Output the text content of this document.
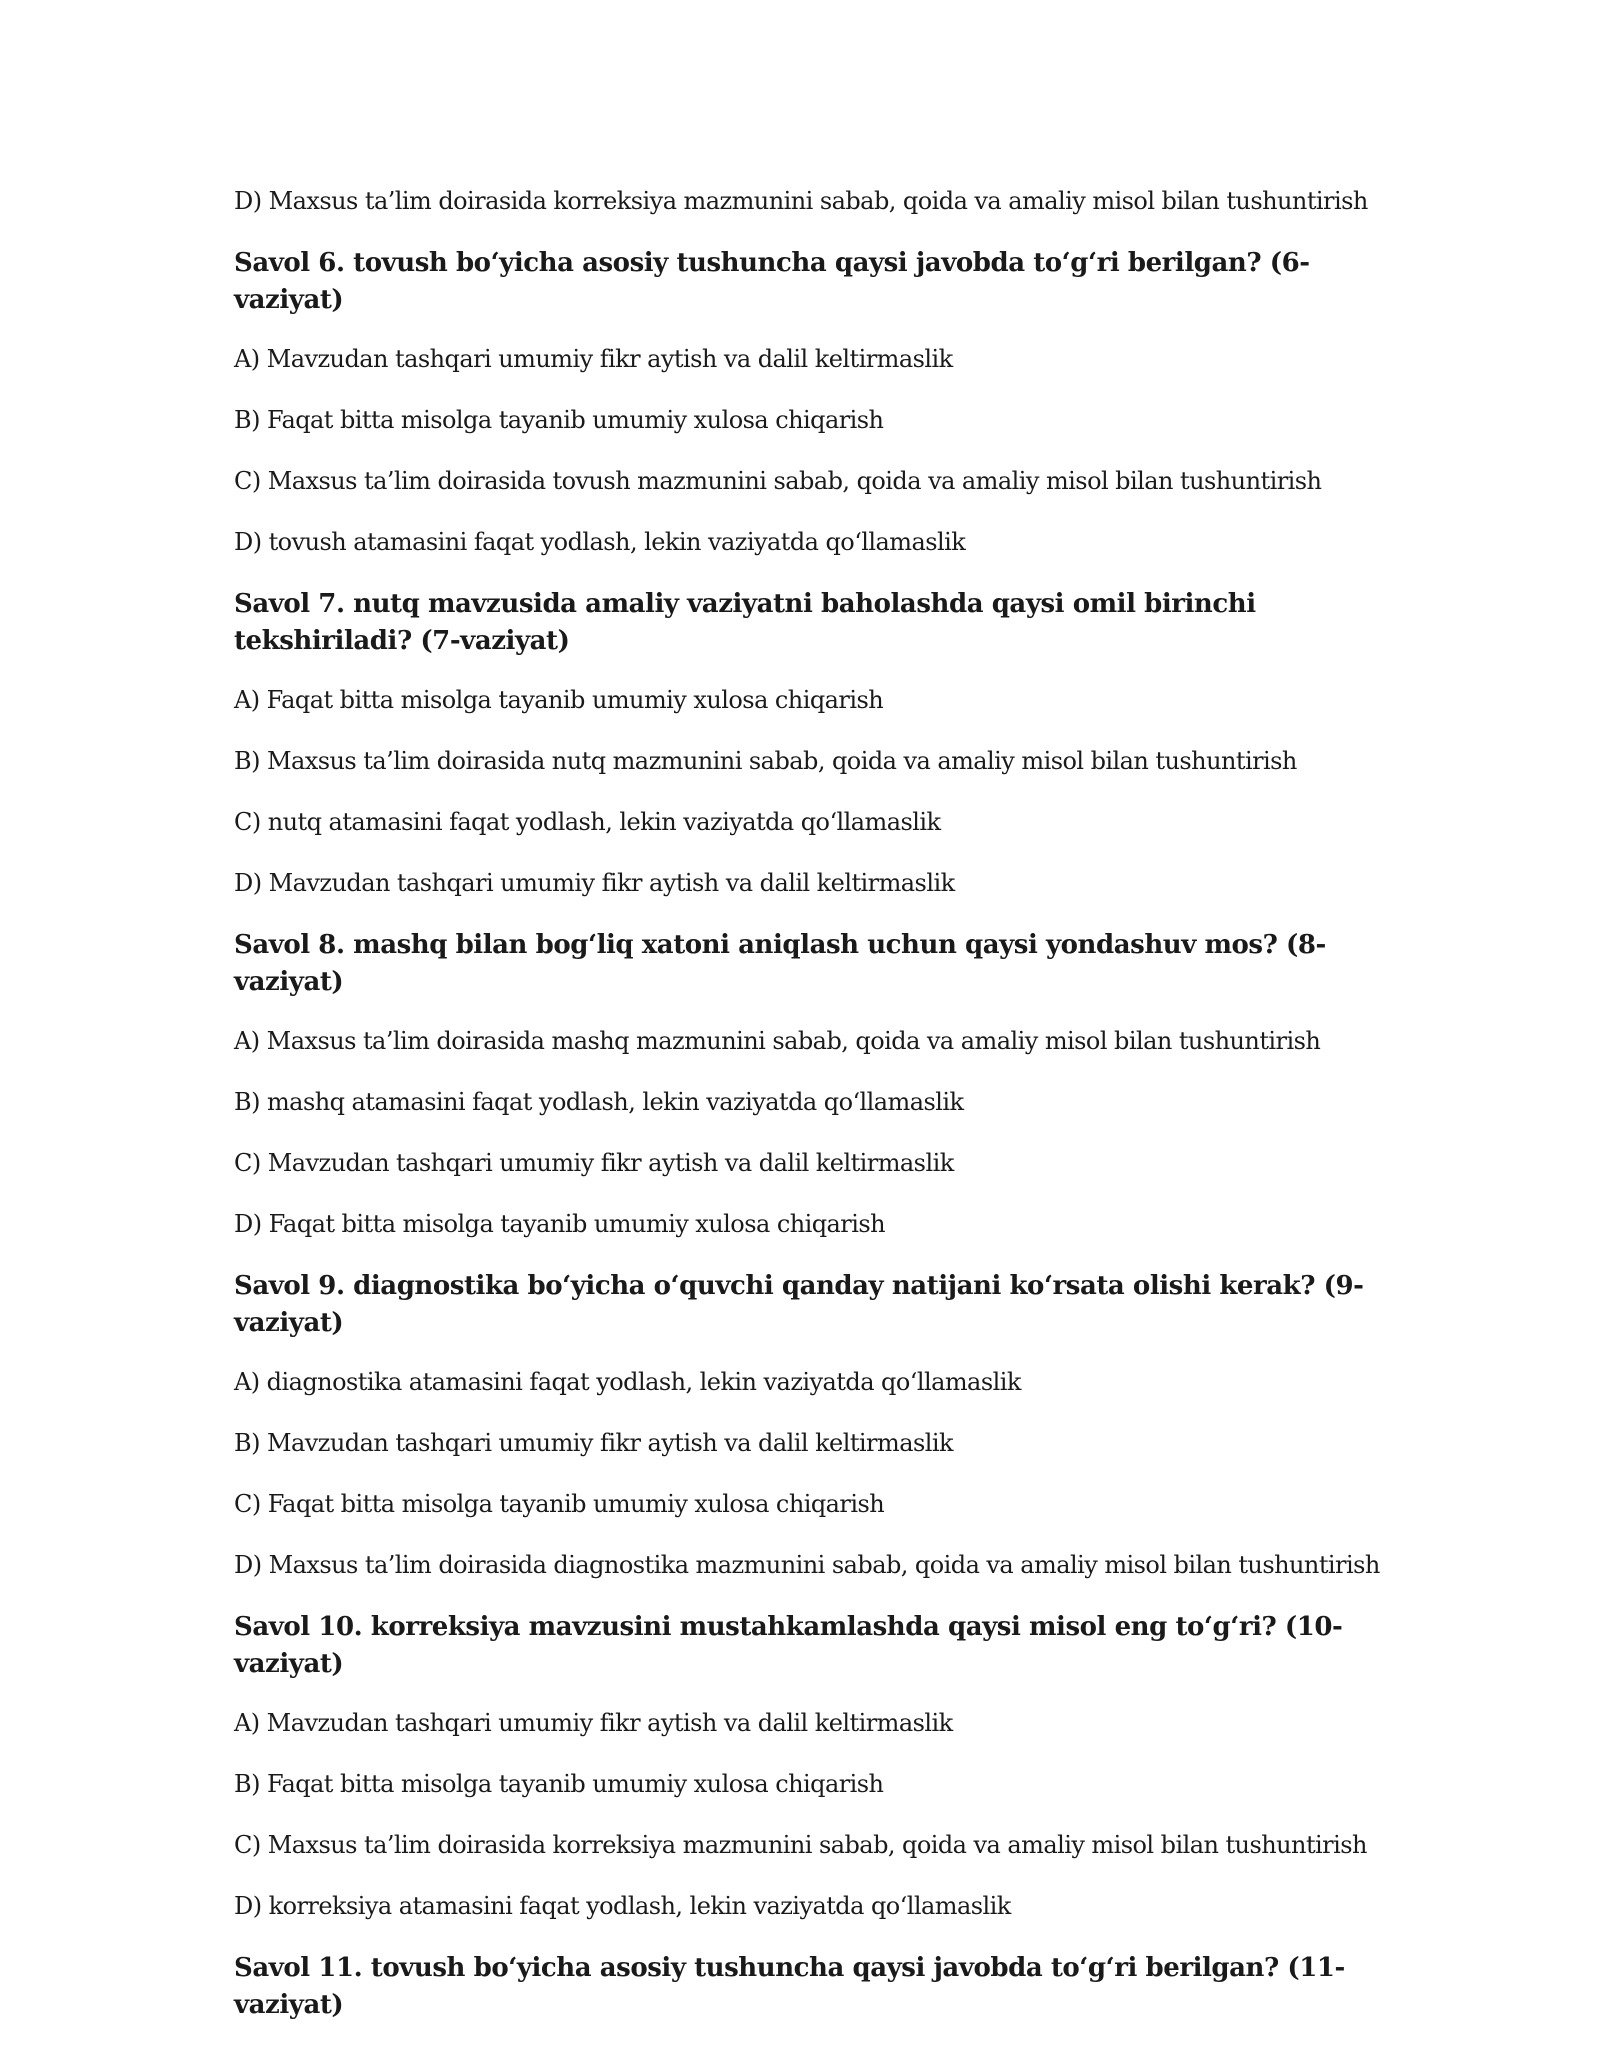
D) Maxsus ta’lim doirasida korreksiya mazmunini sabab, qoida va amaliy misol bilan tushuntirish

Savol 6. tovush bo‘yicha asosiy tushuncha qaysi javobda to‘g‘ri berilgan? (6-vaziyat)

A) Mavzudan tashqari umumiy fikr aytish va dalil keltirmaslik

B) Faqat bitta misolga tayanib umumiy xulosa chiqarish

C) Maxsus ta’lim doirasida tovush mazmunini sabab, qoida va amaliy misol bilan tushuntirish

D) tovush atamasini faqat yodlash, lekin vaziyatda qo‘llamaslik

Savol 7. nutq mavzusida amaliy vaziyatni baholashda qaysi omil birinchi tekshiriladi? (7-vaziyat)

A) Faqat bitta misolga tayanib umumiy xulosa chiqarish

B) Maxsus ta’lim doirasida nutq mazmunini sabab, qoida va amaliy misol bilan tushuntirish

C) nutq atamasini faqat yodlash, lekin vaziyatda qo‘llamaslik

D) Mavzudan tashqari umumiy fikr aytish va dalil keltirmaslik

Savol 8. mashq bilan bog‘liq xatoni aniqlash uchun qaysi yondashuv mos? (8-vaziyat)

A) Maxsus ta’lim doirasida mashq mazmunini sabab, qoida va amaliy misol bilan tushuntirish

B) mashq atamasini faqat yodlash, lekin vaziyatda qo‘llamaslik

C) Mavzudan tashqari umumiy fikr aytish va dalil keltirmaslik

D) Faqat bitta misolga tayanib umumiy xulosa chiqarish

Savol 9. diagnostika bo‘yicha o‘quvchi qanday natijani ko‘rsata olishi kerak? (9-vaziyat)

A) diagnostika atamasini faqat yodlash, lekin vaziyatda qo‘llamaslik

B) Mavzudan tashqari umumiy fikr aytish va dalil keltirmaslik

C) Faqat bitta misolga tayanib umumiy xulosa chiqarish

D) Maxsus ta’lim doirasida diagnostika mazmunini sabab, qoida va amaliy misol bilan tushuntirish

Savol 10. korreksiya mavzusini mustahkamlashda qaysi misol eng to‘g‘ri? (10-vaziyat)

A) Mavzudan tashqari umumiy fikr aytish va dalil keltirmaslik

B) Faqat bitta misolga tayanib umumiy xulosa chiqarish

C) Maxsus ta’lim doirasida korreksiya mazmunini sabab, qoida va amaliy misol bilan tushuntirish

D) korreksiya atamasini faqat yodlash, lekin vaziyatda qo‘llamaslik

Savol 11. tovush bo‘yicha asosiy tushuncha qaysi javobda to‘g‘ri berilgan? (11-vaziyat)
